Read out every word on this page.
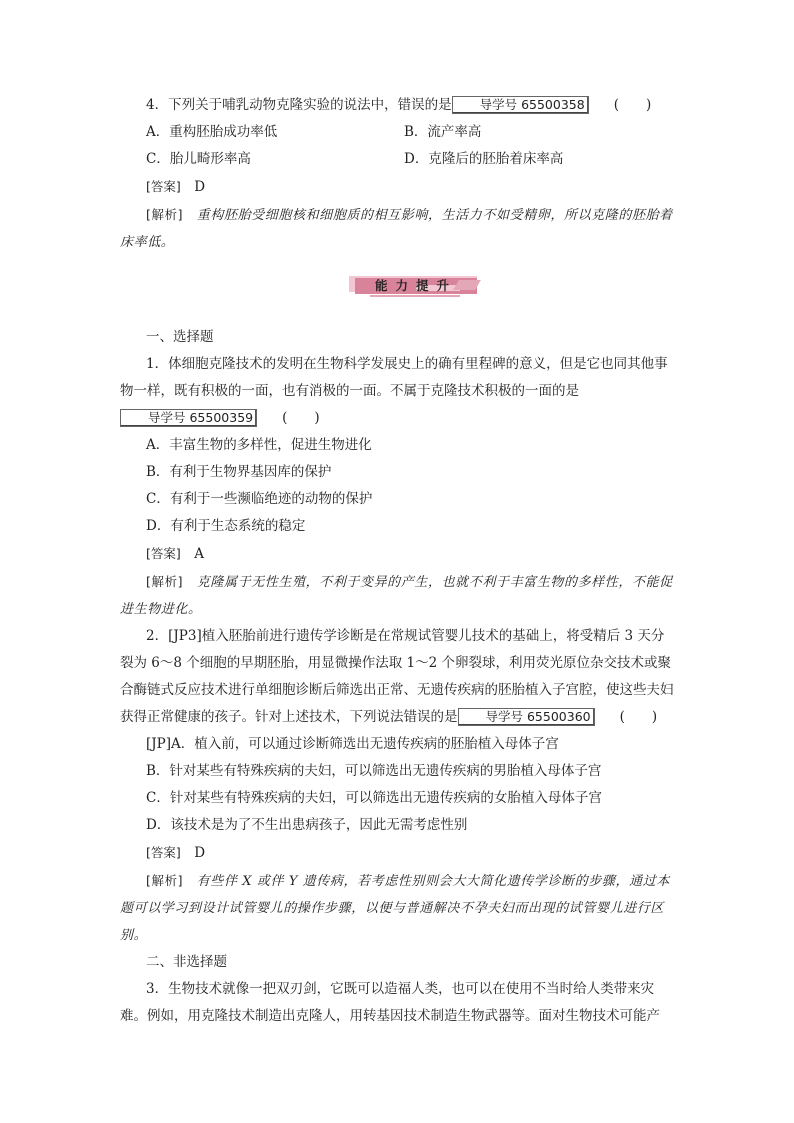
4．下列关于哺乳动物克隆实验的说法中，错误的是 导学号 65500358 (　　)

A．重构胚胎成功率低	B．流产率高
C．胎儿畸形率高	D．克隆后的胚胎着床率高

[答案]　 D

[解析]　 重构胚胎受细胞核和细胞质的相互影响，生活力不如受精卵，所以克隆的胚胎着床率低。

能力提升

一、选择题

1．体细胞克隆技术的发明在生物科学发展史上的确有里程碑的意义，但是它也同其他事物一样，既有积极的一面，也有消极的一面。不属于克隆技术积极的一面的是导学号 65500359 (　　)

A．丰富生物的多样性，促进生物进化

B．有利于生物界基因库的保护

C．有利于一些濒临绝迹的动物的保护

D．有利于生态系统的稳定

[答案]　 A

[解析]　 克隆属于无性生殖，不利于变异的产生，也就不利于丰富生物的多样性，不能促进生物进化。

2．[JP3]植入胚胎前进行遗传学诊断是在常规试管婴儿技术的基础上，将受精后 3 天分裂为 6～8 个细胞的早期胚胎，用显微操作法取 1～2 个卵裂球，利用荧光原位杂交技术或聚合酶链式反应技术进行单细胞诊断后筛选出正常、无遗传疾病的胚胎植入子宫腔，使这些夫妇获得正常健康的孩子。针对上述技术，下列说法错误的是 导学号 65500360 (　　)

[JP]A．植入前，可以通过诊断筛选出无遗传疾病的胚胎植入母体子宫

B．针对某些有特殊疾病的夫妇，可以筛选出无遗传疾病的男胎植入母体子宫

C．针对某些有特殊疾病的夫妇，可以筛选出无遗传疾病的女胎植入母体子宫

D．该技术是为了不生出患病孩子，因此无需考虑性别

[答案]　 D

[解析]　 有些伴 X 或伴 Y 遗传病，若考虑性别则会大大简化遗传学诊断的步骤，通过本题可以学习到设计试管婴儿的操作步骤，以便与普通解决不孕夫妇而出现的试管婴儿进行区别。

二、非选择题

3．生物技术就像一把双刃剑，它既可以造福人类，也可以在使用不当时给人类带来灾难。例如，用克隆技术制造出克隆人，用转基因技术制造生物武器等。面对生物技术可能产
